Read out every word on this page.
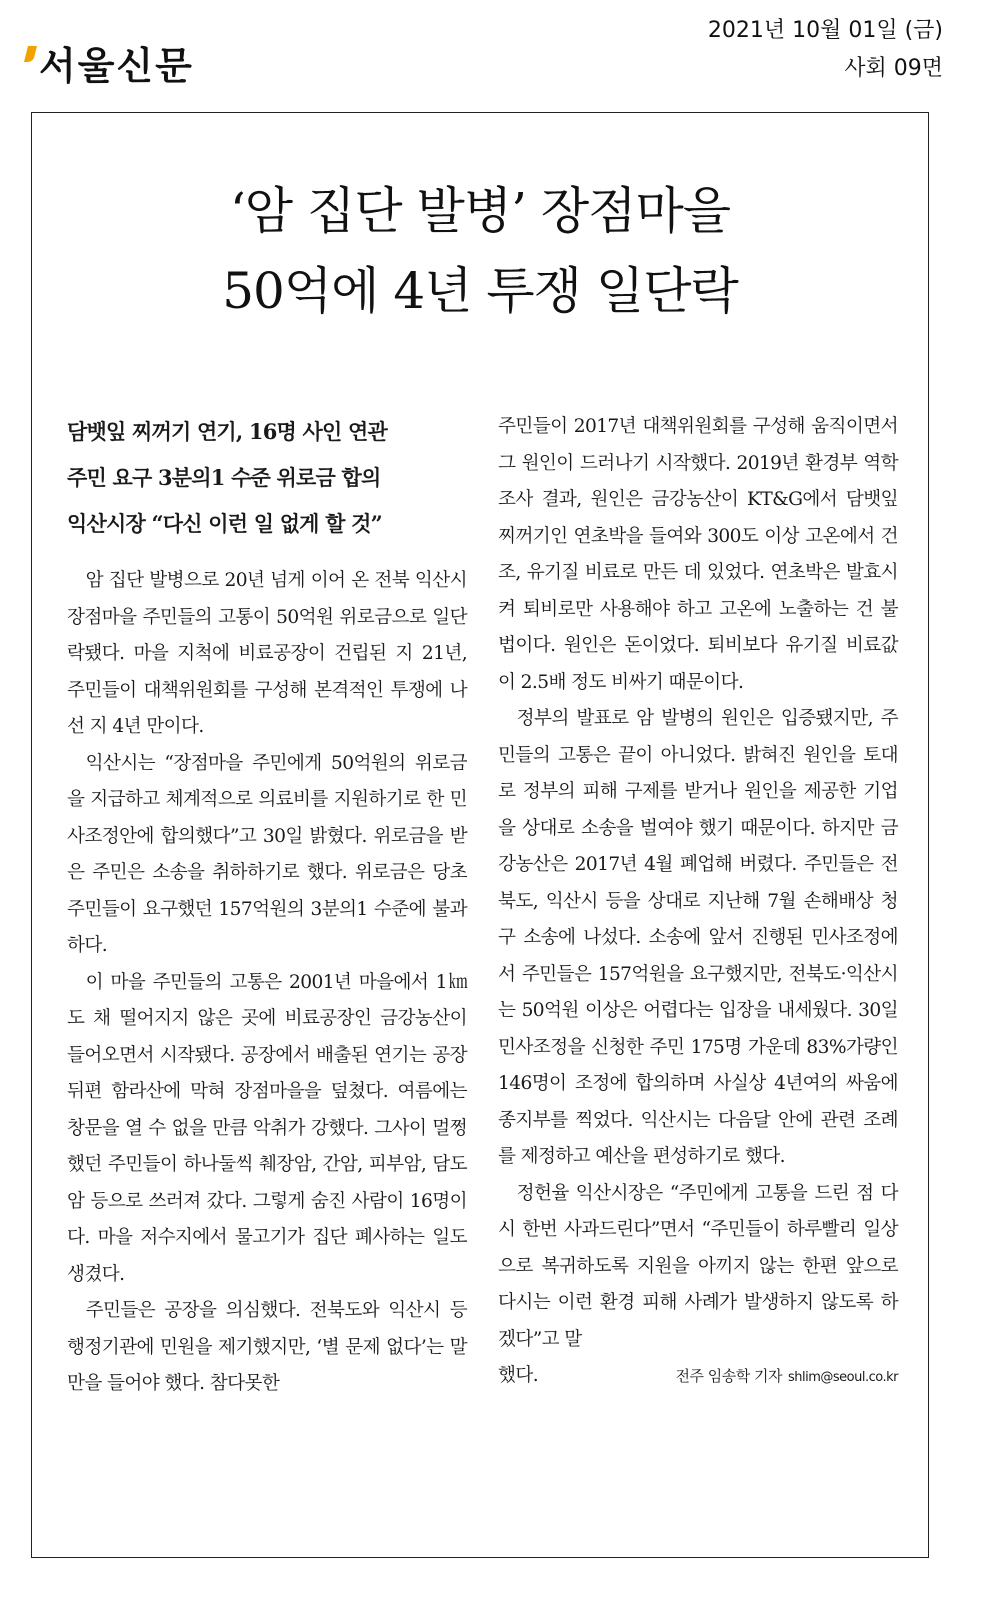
서울신문
2021년 10월 01일 (금)
사회 09면
‘암 집단 발병’ 장점마을
50억에 4년 투쟁 일단락
담뱃잎 찌꺼기 연기, 16명 사인 연관
주민 요구 3분의1 수준 위로금 합의
익산시장 “다신 이런 일 없게 할 것”

암 집단 발병으로 20년 넘게 이어 온 전북 익산시 장점마을 주민들의 고통이 50억원 위로금으로 일단락됐다. 마을 지척에 비료공장이 건립된 지 21년, 주민들이 대책위원회를 구성해 본격적인 투쟁에 나선 지 4년 만이다.

익산시는 “장점마을 주민에게 50억원의 위로금을 지급하고 체계적으로 의료비를 지원하기로 한 민사조정안에 합의했다”고 30일 밝혔다. 위로금을 받은 주민은 소송을 취하하기로 했다. 위로금은 당초 주민들이 요구했던 157억원의 3분의1 수준에 불과하다.

이 마을 주민들의 고통은 2001년 마을에서 1㎞도 채 떨어지지 않은 곳에 비료공장인 금강농산이 들어오면서 시작됐다. 공장에서 배출된 연기는 공장 뒤편 함라산에 막혀 장점마을을 덮쳤다. 여름에는 창문을 열 수 없을 만큼 악취가 강했다. 그사이 멀쩡했던 주민들이 하나둘씩 췌장암, 간암, 피부암, 담도암 등으로 쓰러져 갔다. 그렇게 숨진 사람이 16명이다. 마을 저수지에서 물고기가 집단 폐사하는 일도 생겼다.

주민들은 공장을 의심했다. 전북도와 익산시 등 행정기관에 민원을 제기했지만, ‘별 문제 없다’는 말만을 들어야 했다. 참다못한

주민들이 2017년 대책위원회를 구성해 움직이면서 그 원인이 드러나기 시작했다. 2019년 환경부 역학 조사 결과, 원인은 금강농산이 KT&G에서 담뱃잎 찌꺼기인 연초박을 들여와 300도 이상 고온에서 건조, 유기질 비료로 만든 데 있었다. 연초박은 발효시켜 퇴비로만 사용해야 하고 고온에 노출하는 건 불법이다. 원인은 돈이었다. 퇴비보다 유기질 비료값이 2.5배 정도 비싸기 때문이다.

정부의 발표로 암 발병의 원인은 입증됐지만, 주민들의 고통은 끝이 아니었다. 밝혀진 원인을 토대로 정부의 피해 구제를 받거나 원인을 제공한 기업을 상대로 소송을 벌여야 했기 때문이다. 하지만 금강농산은 2017년 4월 폐업해 버렸다. 주민들은 전북도, 익산시 등을 상대로 지난해 7월 손해배상 청구 소송에 나섰다. 소송에 앞서 진행된 민사조정에서 주민들은 157억원을 요구했지만, 전북도·익산시는 50억원 이상은 어렵다는 입장을 내세웠다. 30일 민사조정을 신청한 주민 175명 가운데 83%가량인 146명이 조정에 합의하며 사실상 4년여의 싸움에 종지부를 찍었다. 익산시는 다음달 안에 관련 조례를 제정하고 예산을 편성하기로 했다.

정헌율 익산시장은 “주민에게 고통을 드린 점 다시 한번 사과드린다”면서 “주민들이 하루빨리 일상으로 복귀하도록 지원을 아끼지 않는 한편 앞으로 다시는 이런 환경 피해 사례가 발생하지 않도록 하겠다”고 말

했다.	전주 임송학 기자 shlim@seoul.co.kr
